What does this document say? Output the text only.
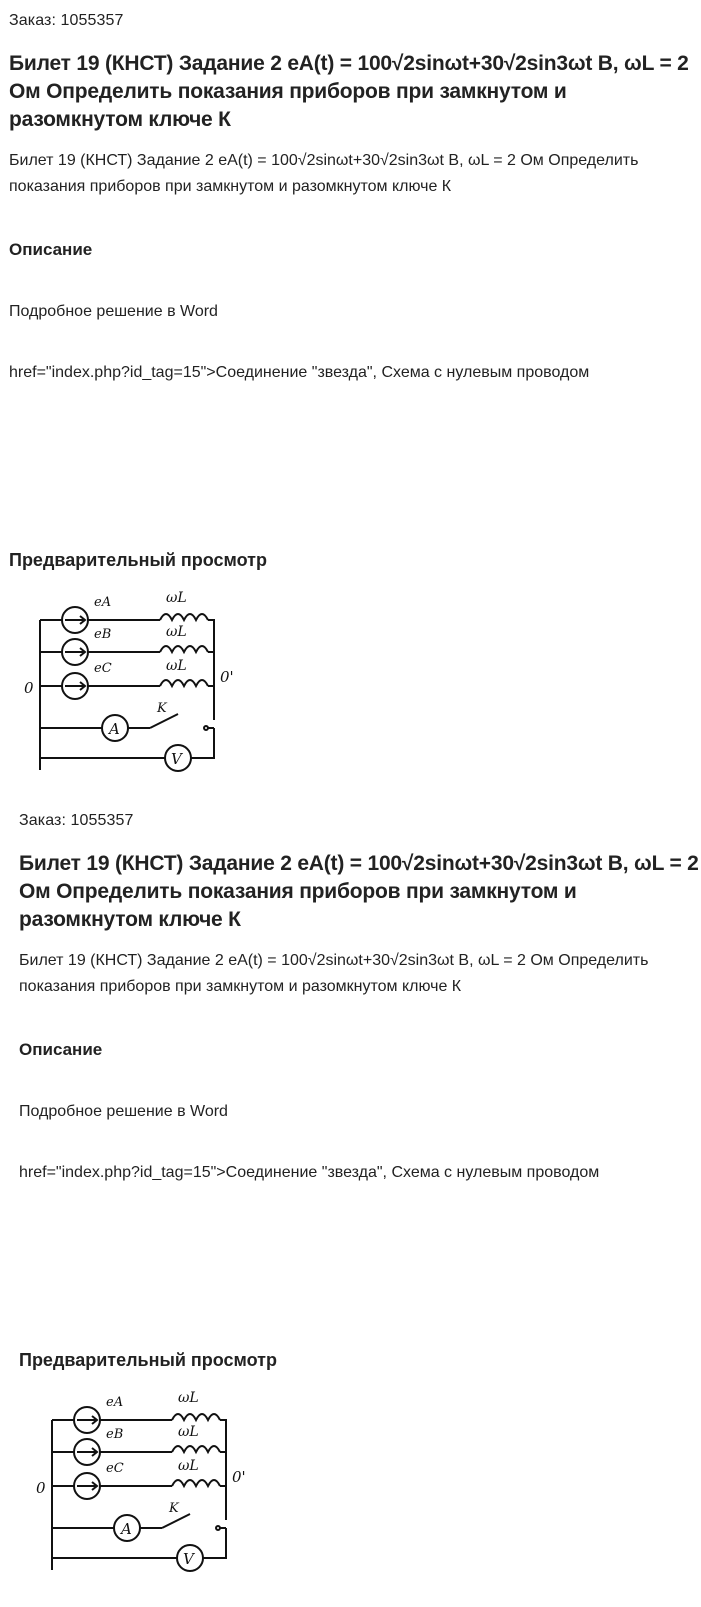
Заказ: 1055357
Билет 19 (КНСТ) Задание 2 eA(t) = 100√2sinωt+30√2sin3ωt В, ωL = 2 Ом Определить показания приборов при замкнутом и разомкнутом ключе К
Билет 19 (КНСТ) Задание 2 eA(t) = 100√2sinωt+30√2sin3ωt В, ωL = 2 Ом Определить показания приборов при замкнутом и разомкнутом ключе К
Описание
Подробное решение в Word
href="index.php?id_tag=15">Соединение "звезда", Схема с нулевым проводом
Предварительный просмотр
eA
eB
eC
ωL
ωL
ωL
0
0'
A
V
K
Заказ: 1055357
Билет 19 (КНСТ) Задание 2 eA(t) = 100√2sinωt+30√2sin3ωt В, ωL = 2 Ом Определить показания приборов при замкнутом и разомкнутом ключе К
Билет 19 (КНСТ) Задание 2 eA(t) = 100√2sinωt+30√2sin3ωt В, ωL = 2 Ом Определить показания приборов при замкнутом и разомкнутом ключе К
Описание
Подробное решение в Word
href="index.php?id_tag=15">Соединение "звезда", Схема с нулевым проводом
Предварительный просмотр
eA
eB
eC
ωL
ωL
ωL
0
0'
A
V
K
